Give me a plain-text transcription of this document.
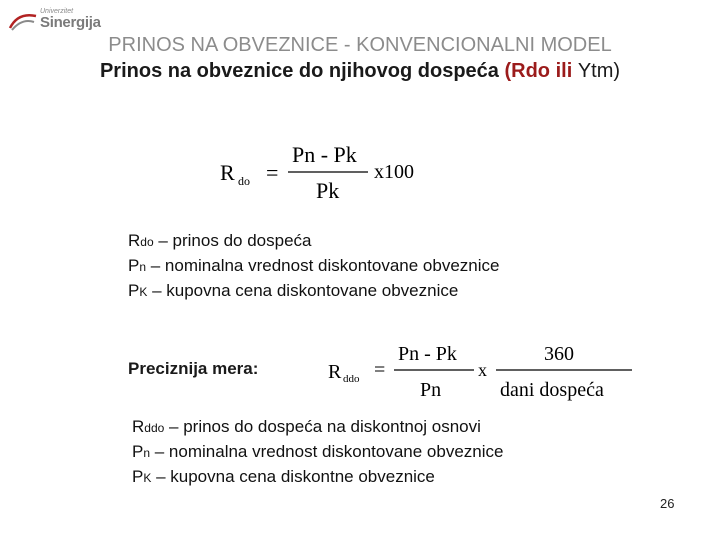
Univerzitet
Sinergija
PRINOS NA OBVEZNICE - KONVENCIONALNI MODEL
Prinos na obveznice do njihovog dospeća (Rdo ili Ytm)
R do =
Pn - Pk
Pk
x100
Rdo – prinos do dospeća
Pn – nominalna vrednost diskontovane obveznice
PK – kupovna cena diskontovane obveznice
Preciznija mera:	R ddo =
Pn - Pk
Pn
x
360
dani dospeća
Rddo – prinos do dospeća na diskontnoj osnovi
Pn – nominalna vrednost diskontovane obveznice
PK – kupovna cena diskontne obveznice
26
